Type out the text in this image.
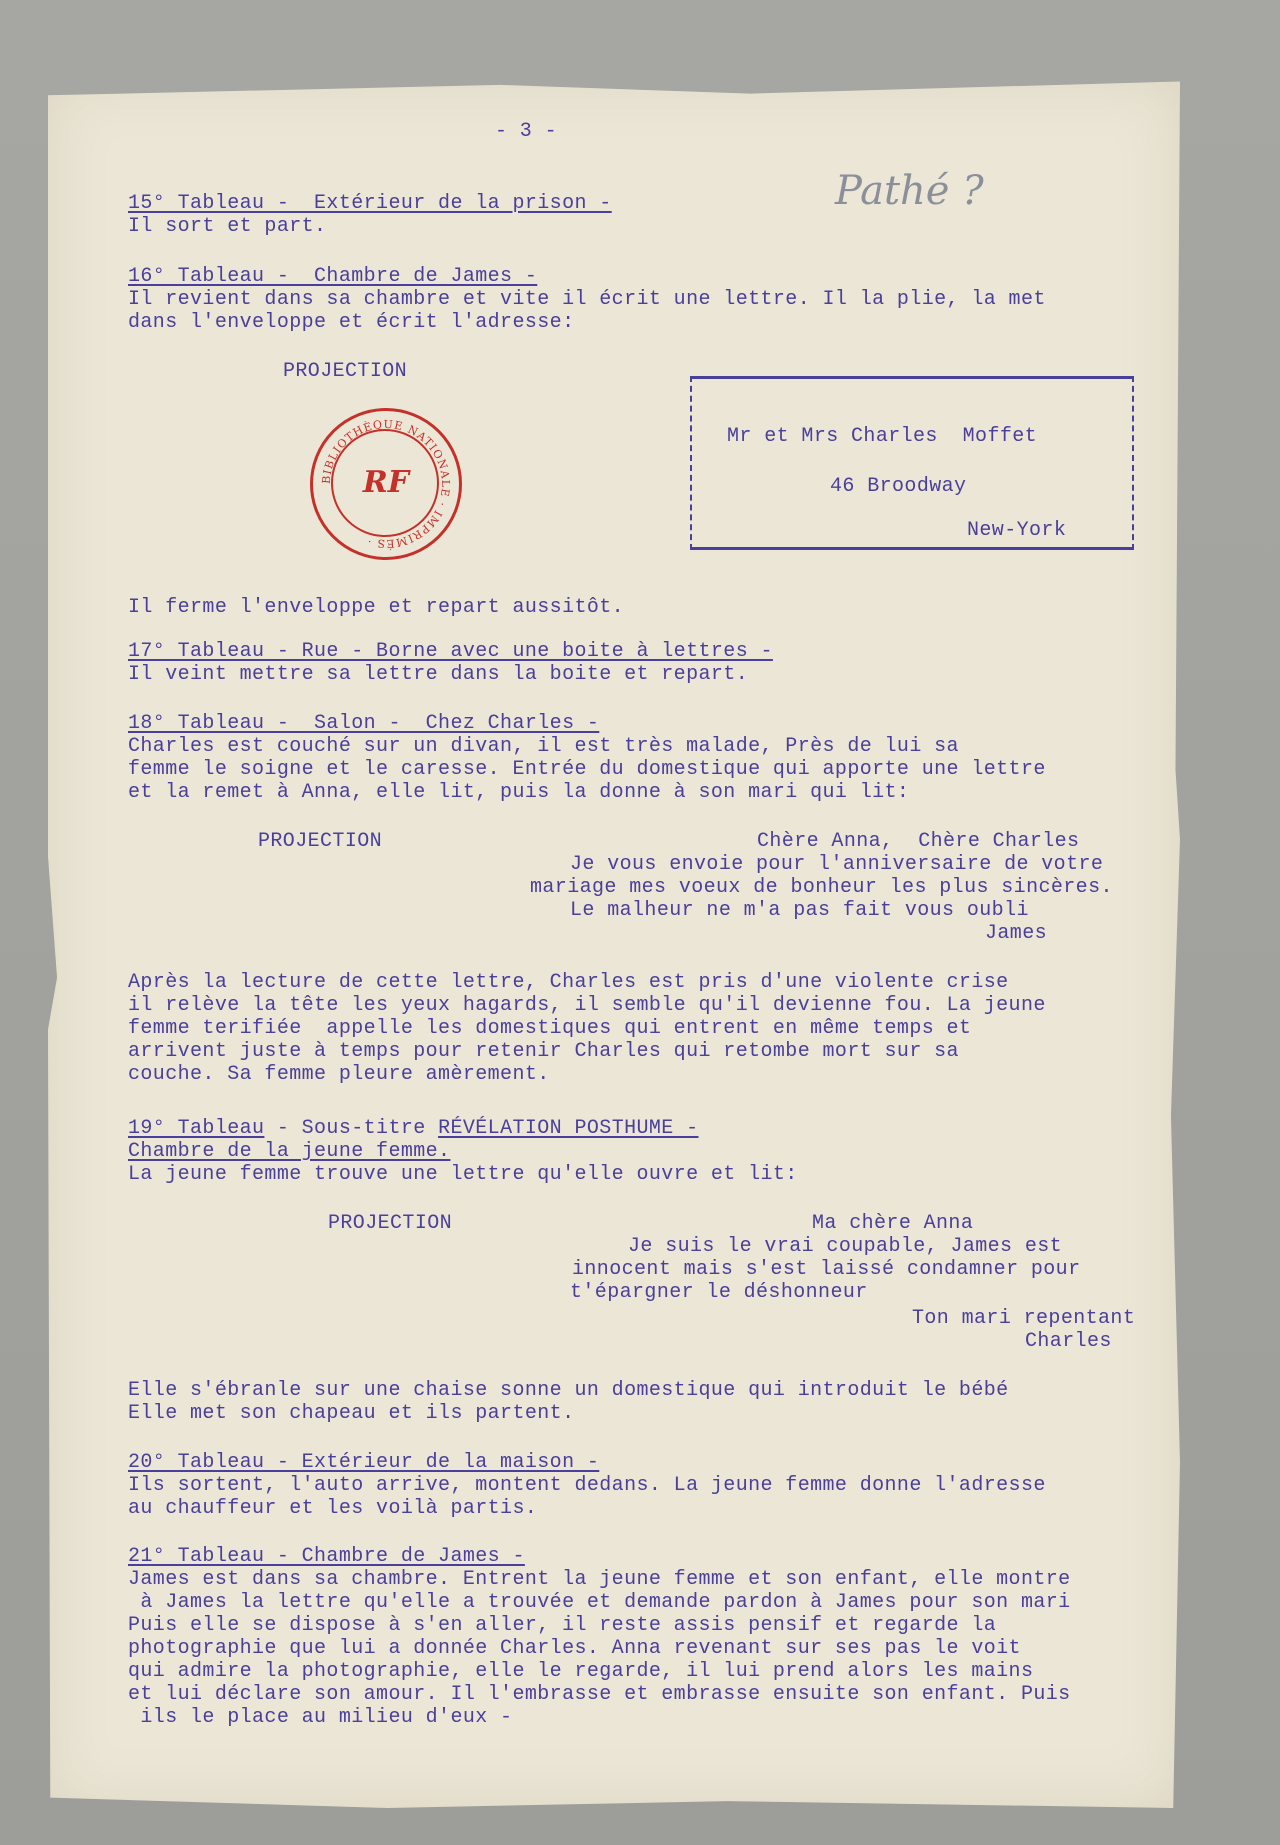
- 3 -
Pathé ?
15° Tableau -  Extérieur de la prison -
Il sort et part.
16° Tableau -  Chambre de James -
Il revient dans sa chambre et vite il écrit une lettre. Il la plie, la met
dans l'enveloppe et écrit l'adresse:
PROJECTION
BIBLIOTHÈQUE NATIONALE · IMPRIMÉS ·
RF
Mr et Mrs Charles  Moffet
46 Broodway
New-York
Il ferme l'enveloppe et repart aussitôt.
17° Tableau - Rue - Borne avec une boite à lettres -
Il veint mettre sa lettre dans la boite et repart.
18° Tableau -  Salon -  Chez Charles -
Charles est couché sur un divan, il est très malade, Près de lui sa
femme le soigne et le caresse. Entrée du domestique qui apporte une lettre
et la remet à Anna, elle lit, puis la donne à son mari qui lit:
PROJECTION	Chère Anna,  Chère Charles
Je vous envoie pour l'anniversaire de votre
mariage mes voeux de bonheur les plus sincères.
Le malheur ne m'a pas fait vous oubli
James
Après la lecture de cette lettre, Charles est pris d'une violente crise
il relève la tête les yeux hagards, il semble qu'il devienne fou. La jeune
femme terifiée  appelle les domestiques qui entrent en même temps et
arrivent juste à temps pour retenir Charles qui retombe mort sur sa
couche. Sa femme pleure amèrement.
19° Tableau - Sous-titre RÉVÉLATION POSTHUME -
Chambre de la jeune femme.
La jeune femme trouve une lettre qu'elle ouvre et lit:
PROJECTION	Ma chère Anna
Je suis le vrai coupable, James est
innocent mais s'est laissé condamner pour
t'épargner le déshonneur
Ton mari repentant
Charles
Elle s'ébranle sur une chaise sonne un domestique qui introduit le bébé
Elle met son chapeau et ils partent.
20° Tableau - Extérieur de la maison -
Ils sortent, l'auto arrive, montent dedans. La jeune femme donne l'adresse
au chauffeur et les voilà partis.
21° Tableau - Chambre de James -
James est dans sa chambre. Entrent la jeune femme et son enfant, elle montre
à James la lettre qu'elle a trouvée et demande pardon à James pour son mari
Puis elle se dispose à s'en aller, il reste assis pensif et regarde la
photographie que lui a donnée Charles. Anna revenant sur ses pas le voit
qui admire la photographie, elle le regarde, il lui prend alors les mains
et lui déclare son amour. Il l'embrasse et embrasse ensuite son enfant. Puis
ils le place au milieu d'eux -
